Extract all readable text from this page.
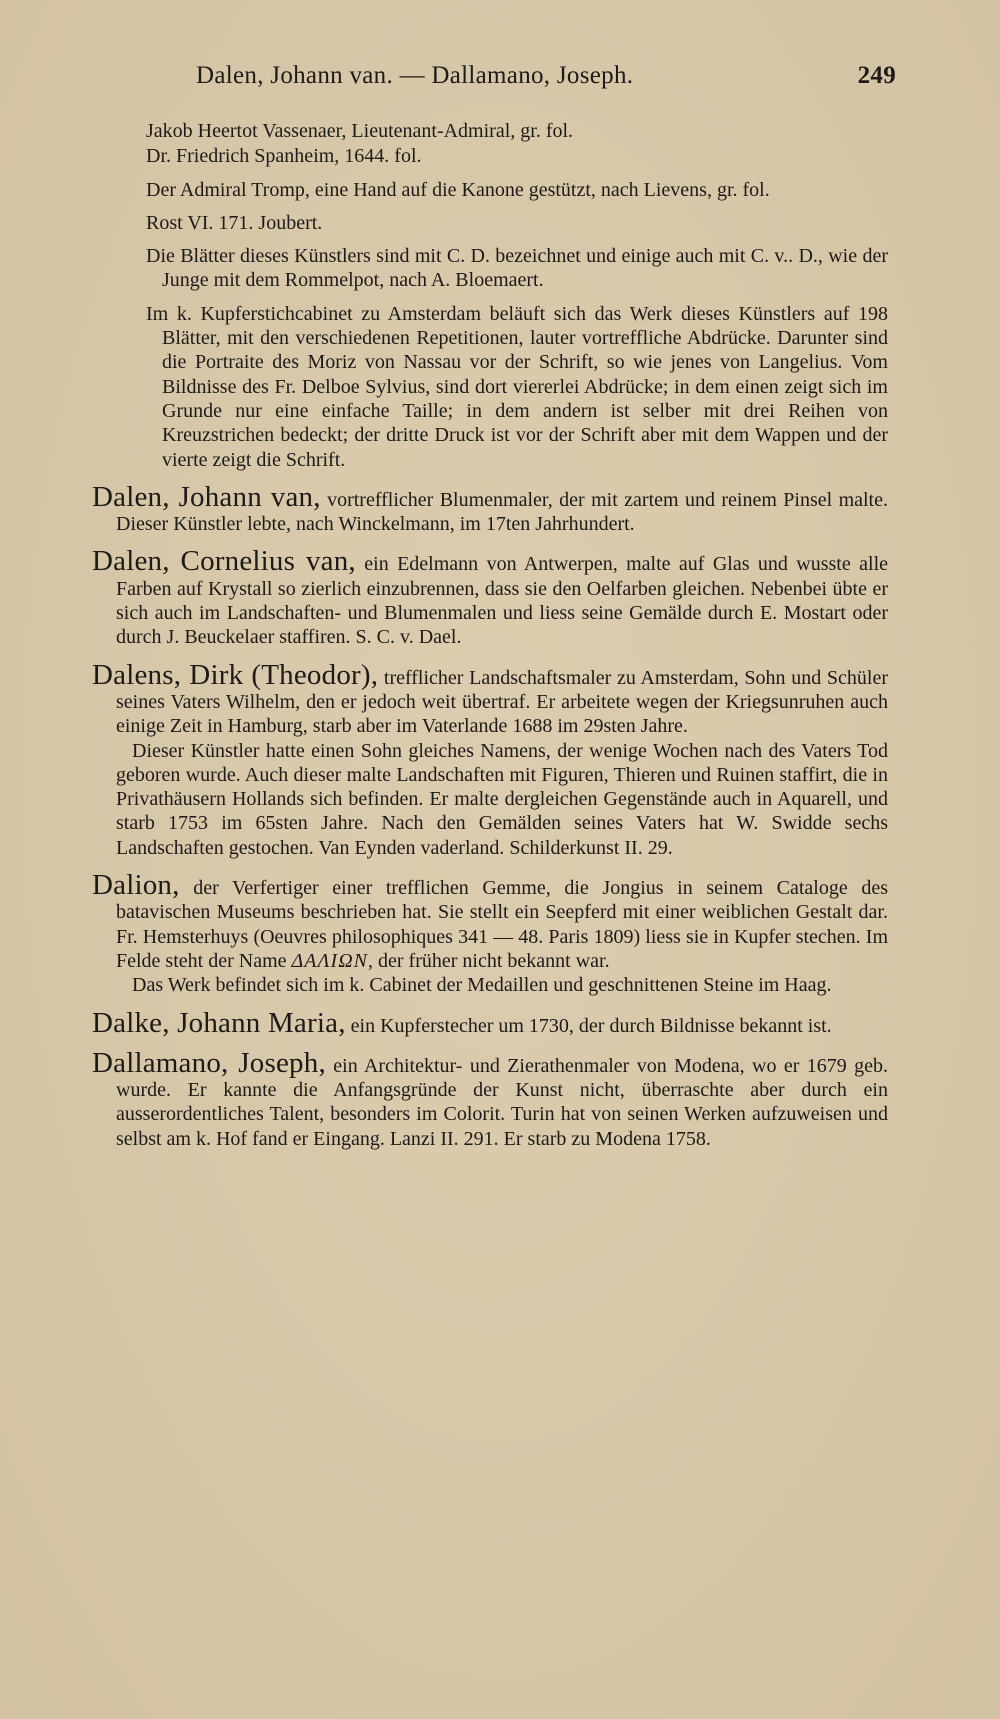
Dalen, Johann van. — Dallamano, Joseph.	249

Jakob Heertot Vassenaer, Lieutenant-Admiral, gr. fol.

Dr. Friedrich Spanheim, 1644. fol.

Der Admiral Tromp, eine Hand auf die Kanone gestützt, nach Lievens, gr. fol.

Rost VI. 171. Joubert.

Die Blätter dieses Künstlers sind mit C. D. bezeichnet und einige auch mit C. v.. D., wie der Junge mit dem Rommelpot, nach A. Bloemaert.

Im k. Kupferstichcabinet zu Amsterdam beläuft sich das Werk dieses Künstlers auf 198 Blätter, mit den verschiedenen Repetitionen, lauter vortreffliche Abdrücke. Darunter sind die Portraite des Moriz von Nassau vor der Schrift, so wie jenes von Langelius. Vom Bildnisse des Fr. Delboe Sylvius, sind dort viererlei Abdrücke; in dem einen zeigt sich im Grunde nur eine einfache Taille; in dem andern ist selber mit drei Reihen von Kreuzstrichen bedeckt; der dritte Druck ist vor der Schrift aber mit dem Wappen und der vierte zeigt die Schrift.

Dalen, Johann van, vortrefflicher Blumenmaler, der mit zartem und reinem Pinsel malte. Dieser Künstler lebte, nach Winckelmann, im 17ten Jahrhundert.

Dalen, Cornelius van, ein Edelmann von Antwerpen, malte auf Glas und wusste alle Farben auf Krystall so zierlich einzubrennen, dass sie den Oelfarben gleichen. Nebenbei übte er sich auch im Landschaften- und Blumenmalen und liess seine Gemälde durch E. Mostart oder durch J. Beuckelaer staffiren. S. C. v. Dael.

Dalens, Dirk (Theodor), trefflicher Landschaftsmaler zu Amsterdam, Sohn und Schüler seines Vaters Wilhelm, den er jedoch weit übertraf. Er arbeitete wegen der Kriegsunruhen auch einige Zeit in Hamburg, starb aber im Vaterlande 1688 im 29sten Jahre.

Dieser Künstler hatte einen Sohn gleiches Namens, der wenige Wochen nach des Vaters Tod geboren wurde. Auch dieser malte Landschaften mit Figuren, Thieren und Ruinen staffirt, die in Privathäusern Hollands sich befinden. Er malte dergleichen Gegenstände auch in Aquarell, und starb 1753 im 65sten Jahre. Nach den Gemälden seines Vaters hat W. Swidde sechs Landschaften gestochen. Van Eynden vaderland. Schilderkunst II. 29.

Dalion, der Verfertiger einer trefflichen Gemme, die Jongius in seinem Cataloge des batavischen Museums beschrieben hat. Sie stellt ein Seepferd mit einer weiblichen Gestalt dar. Fr. Hemsterhuys (Oeuvres philosophiques 341 — 48. Paris 1809) liess sie in Kupfer stechen. Im Felde steht der Name ΔΑΛΙΩΝ, der früher nicht bekannt war.

Das Werk befindet sich im k. Cabinet der Medaillen und geschnittenen Steine im Haag.

Dalke, Johann Maria, ein Kupferstecher um 1730, der durch Bildnisse bekannt ist.

Dallamano, Joseph, ein Architektur- und Zierathenmaler von Modena, wo er 1679 geb. wurde. Er kannte die Anfangsgründe der Kunst nicht, überraschte aber durch ein ausserordentliches Talent, besonders im Colorit. Turin hat von seinen Werken aufzuweisen und selbst am k. Hof fand er Eingang. Lanzi II. 291. Er starb zu Modena 1758.
